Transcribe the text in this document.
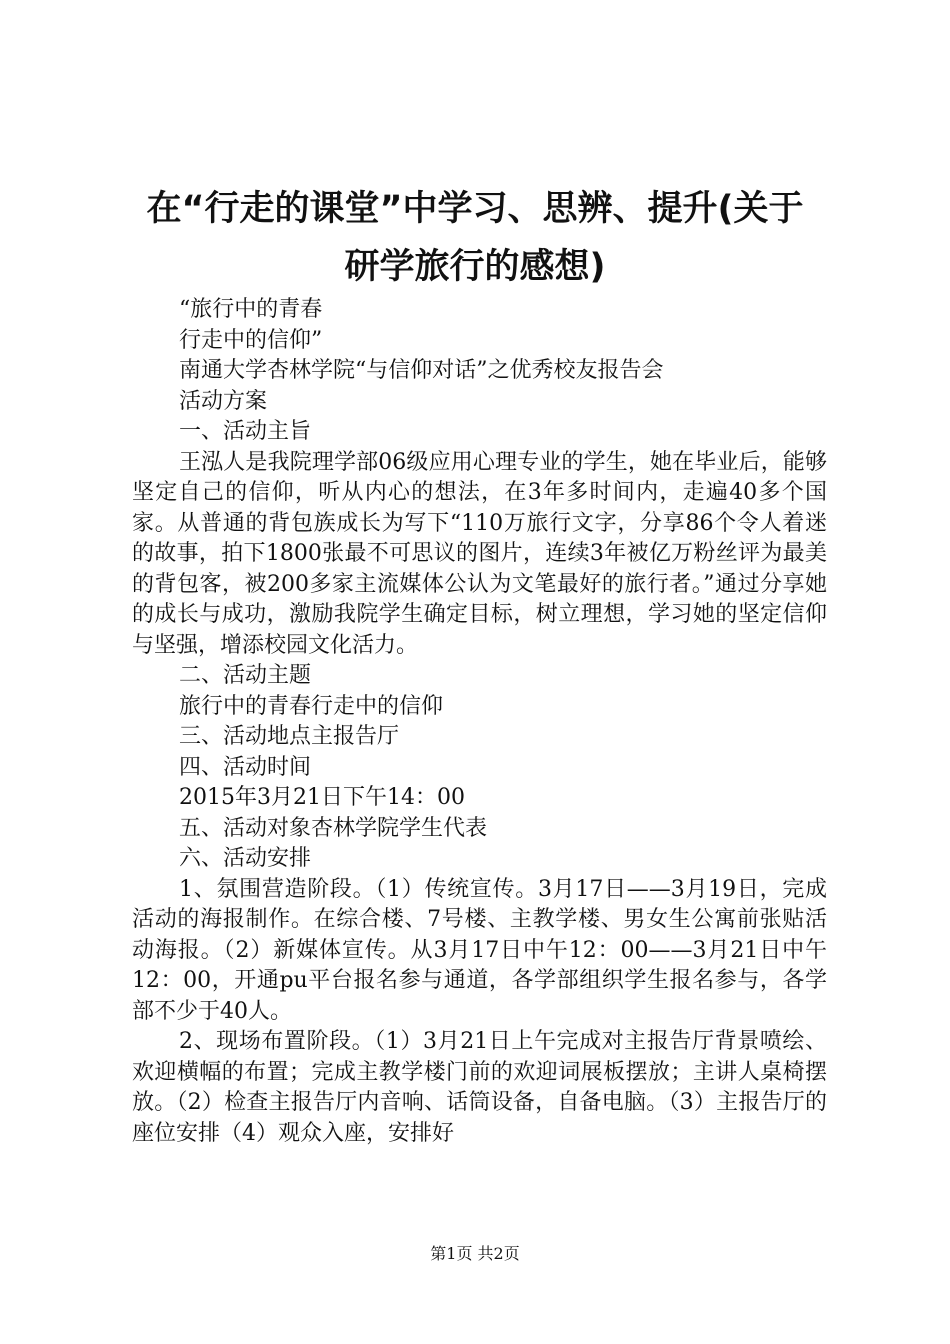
在“行走的课堂”中学习、思辨、提升(关于
研学旅行的感想)

“旅行中的青春

行走中的信仰”

南通大学杏林学院“与信仰对话”之优秀校友报告会

活动方案

一、活动主旨

王泓人是我院理学部06级应用心理专业的学生，她在毕业后，能够坚定自己的信仰，听从内心的想法，在3年多时间内，走遍40多个国家。从普通的背包族成长为写下“110万旅行文字，分享86个令人着迷的故事，拍下1800张最不可思议的图片，连续3年被亿万粉丝评为最美的背包客，被200多家主流媒体公认为文笔最好的旅行者。”通过分享她的成长与成功，激励我院学生确定目标，树立理想，学习她的坚定信仰与坚强，增添校园文化活力。

二、活动主题

旅行中的青春行走中的信仰

三、活动地点主报告厅

四、活动时间

2015年3月21日下午14：00

五、活动对象杏林学院学生代表

六、活动安排

1、氛围营造阶段。（1）传统宣传。3月17日——3月19日，完成活动的海报制作。在综合楼、7号楼、主教学楼、男女生公寓前张贴活动海报。（2）新媒体宣传。从3月17日中午12：00——3月21日中午12：00，开通pu平台报名参与通道，各学部组织学生报名参与，各学部不少于40人。

2、现场布置阶段。（1）3月21日上午完成对主报告厅背景喷绘、欢迎横幅的布置；完成主教学楼门前的欢迎词展板摆放；主讲人桌椅摆放。（2）检查主报告厅内音响、话筒设备，自备电脑。（3）主报告厅的座位安排（4）观众入座，安排好

第1页 共2页
